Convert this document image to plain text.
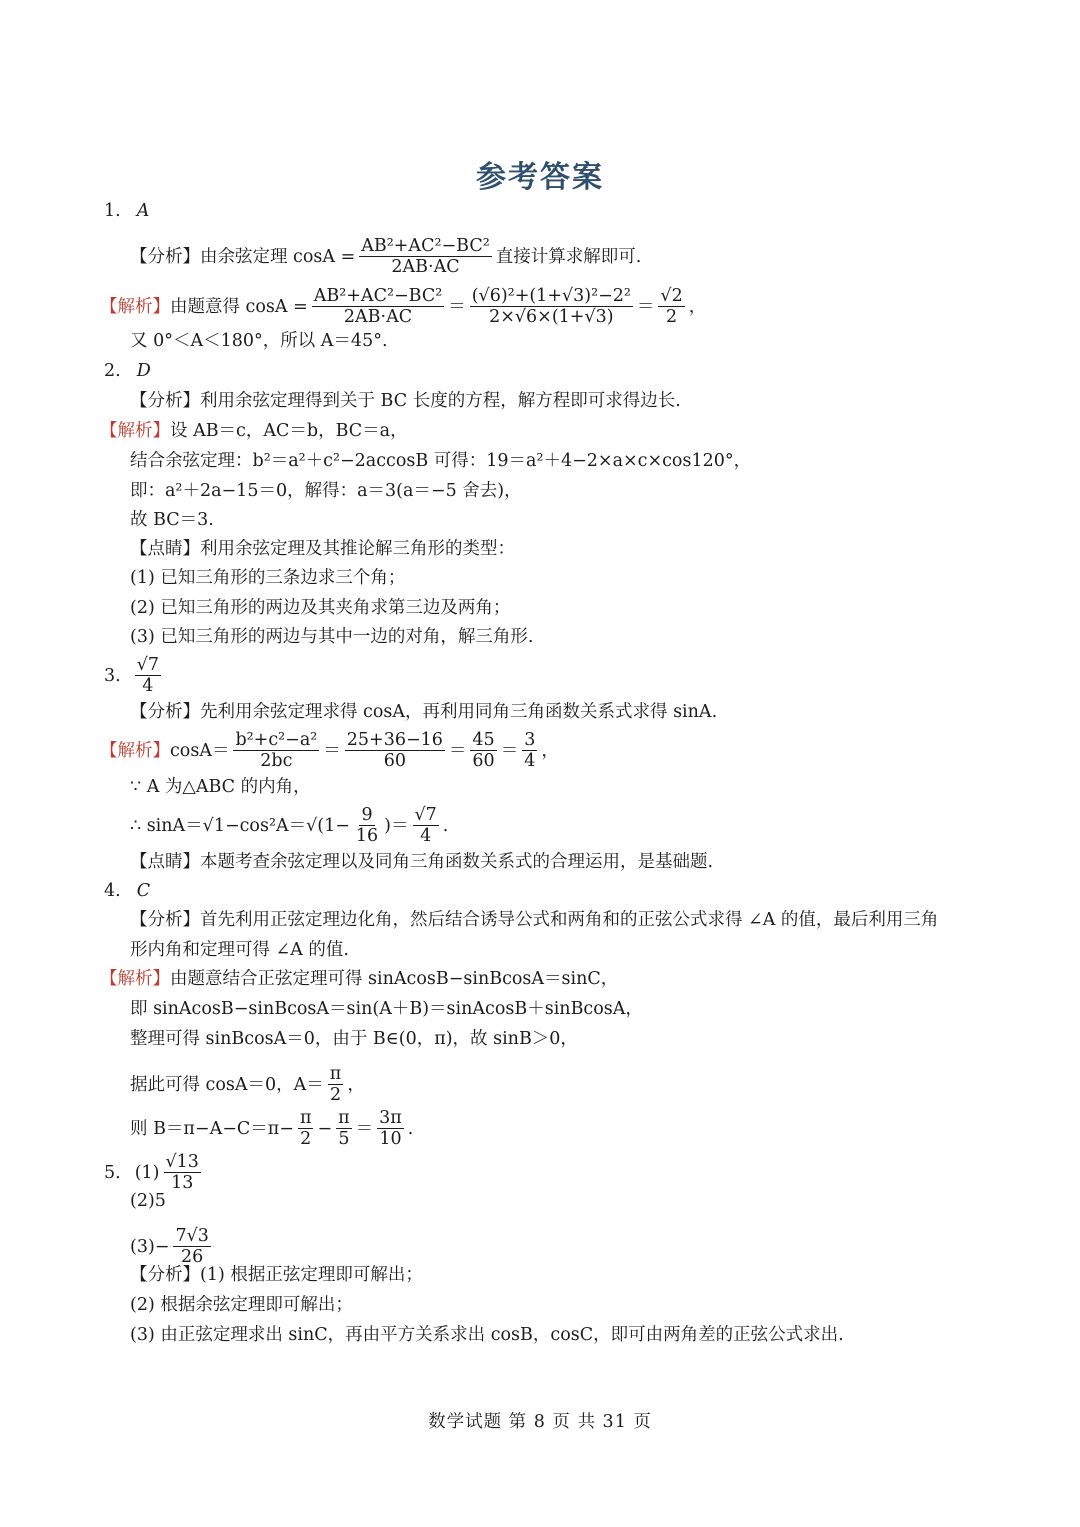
参考答案
1. A
【分析】 由余弦定理 $\cos A = \frac{\text{AB²+AC²−BC²}}{2AB\cdot AC}$ 直接计算求解即可.
【解析】 由题意得 $\cos A = \frac{\text{AB²+AC²−BC²}}{2AB\cdot AC} = \frac{\text{(√6)²+(1+√3)²−2²}}{2\times√6\times(1+√3)} = \frac{√2}{2}$ ，
又 0°＜A＜180°，所以 A＝45°.
2. D
【分析】 利用余弦定理得到关于 BC 长度的方程，解方程即可求得边长.
【解析】 设 AB＝c，AC＝b，BC＝a，
结合余弦定理：b²＝a²＋c²−2accosB 可得：19＝a²＋4−2×a×c×cos120°，
即：a²＋2a−15＝0，解得：a＝3(a＝−5 舍去)，
故 BC＝3.
【点睛】 利用余弦定理及其推论解三角形的类型：
(1) 已知三角形的三条边求三个角；
(2) 已知三角形的两边及其夹角求第三边及两角；
(3) 已知三角形的两边与其中一边的对角，解三角形.
3. $\frac{√7}{4}$
【分析】 先利用余弦定理求得 cosA，再利用同角三角函数关系式求得 sinA.
【解析】 $\cos A= \frac{\text{b²+c²−a²}}{2bc} = \frac{25+36-16}{60} = \frac{45}{60} = \frac{3}{4}$ ，
∵ A 为△ABC 的内角，
∴ $\sin A=√1-\cos^2A=√(1- \frac{9}{16}$ )＝ $\frac{√7}{4}$ .
【点睛】 本题考查余弦定理以及同角三角函数关系式的合理运用，是基础题.
4. C
【分析】 首先利用正弦定理边化角，然后结合诱导公式和两角和的正弦公式求得 ∠A 的值，最后利用三角
形内角和定理可得 ∠A 的值.
【解析】 由题意结合正弦定理可得 sinAcosB−sinBcosA＝sinC，
即 sinAcosB−sinBcosA＝sin(A＋B)＝sinAcosB＋sinBcosA，
整理可得 sinBcosA＝0，由于 B∈(0，π)，故 sinB＞0，
据此可得 cosA＝0，$A= \frac{\pi}{2}$ ，
则 $B=\pi-A-C=\pi- \frac{\pi}{2} - \frac{\pi}{5} = \frac{3\pi}{10}$ .
5. $(1) \frac{√13}{13}$
(2)5
$(3)- \frac{7√3}{26}$
【分析】 (1) 根据正弦定理即可解出；
(2) 根据余弦定理即可解出；
(3) 由正弦定理求出 sinC，再由平方关系求出 cosB，cosC，即可由两角差的正弦公式求出.
数学试题 第 8 页 共 31 页
